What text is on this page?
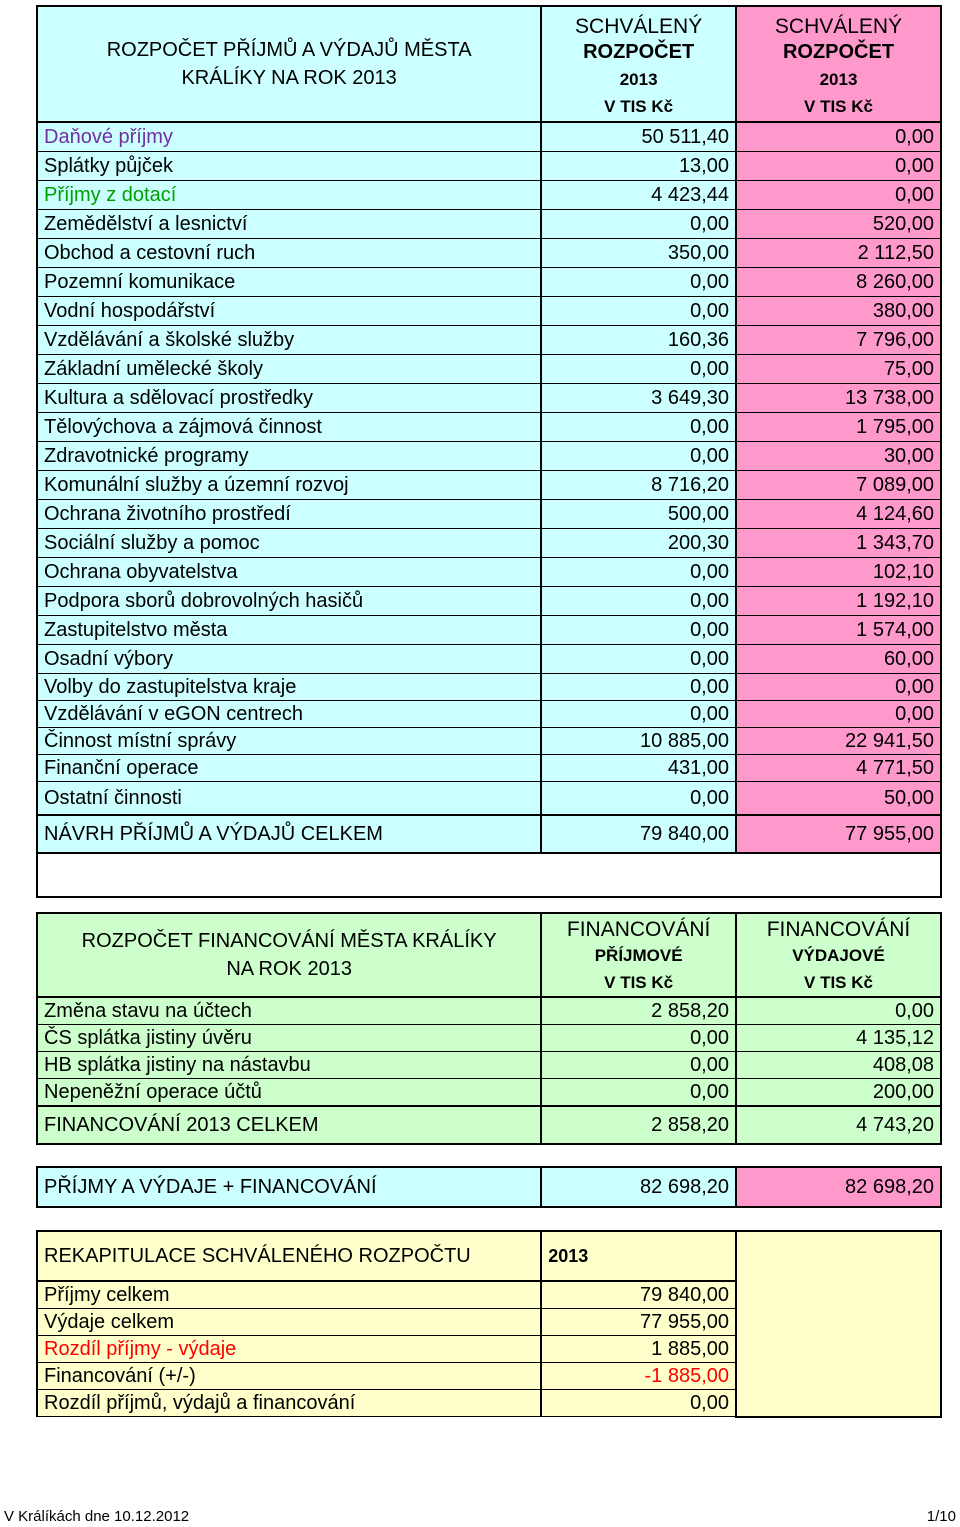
ROZPOČET PŘÍJMŮ A VÝDAJŮ MĚSTA
KRÁLÍKY NA ROK 2013	SCHVÁLENÝ
ROZPOČET
2013
V TIS Kč	SCHVÁLENÝ
ROZPOČET
2013
V TIS Kč

Daňové příjmy	50 511,40	0,00
Splátky půjček	13,00	0,00
Příjmy z dotací	4 423,44	0,00
Zemědělství a lesnictví	0,00	520,00
Obchod a cestovní ruch	350,00	2 112,50
Pozemní komunikace	0,00	8 260,00
Vodní hospodářství	0,00	380,00
Vzdělávání a školské služby	160,36	7 796,00
Základní umělecké školy	0,00	75,00
Kultura a sdělovací prostředky	3 649,30	13 738,00
Tělovýchova a zájmová činnost	0,00	1 795,00
Zdravotnické programy	0,00	30,00
Komunální služby a územní rozvoj	8 716,20	7 089,00
Ochrana životního prostředí	500,00	4 124,60
Sociální služby a pomoc	200,30	1 343,70
Ochrana obyvatelstva	0,00	102,10
Podpora sborů dobrovolných hasičů	0,00	1 192,10
Zastupitelstvo města	0,00	1 574,00
Osadní výbory	0,00	60,00
Volby do zastupitelstva kraje	0,00	0,00
Vzdělávání v eGON centrech	0,00	0,00
Činnost místní správy	10 885,00	22 941,50
Finanční operace	431,00	4 771,50
Ostatní činnosti	0,00	50,00
NÁVRH PŘÍJMŮ A VÝDAJŮ CELKEM	79 840,00	77 955,00

ROZPOČET FINANCOVÁNÍ MĚSTA KRÁLÍKY
NA ROK 2013	FINANCOVÁNÍ
PŘÍJMOVÉ
V TIS Kč	FINANCOVÁNÍ
VÝDAJOVÉ
V TIS Kč

Změna stavu na účtech	2 858,20	0,00
ČS splátka jistiny úvěru	0,00	4 135,12
HB splátka jistiny na nástavbu	0,00	408,08
Nepeněžní operace účtů	0,00	200,00
FINANCOVÁNÍ 2013 CELKEM	2 858,20	4 743,20
PŘÍJMY A VÝDAJE + FINANCOVÁNÍ	82 698,20	82 698,20
REKAPITULACE SCHVÁLENÉHO ROZPOČTU	2013	
Příjmy celkem	79 840,00	
Výdaje celkem	77 955,00	
Rozdíl příjmy - výdaje	1 885,00	
Financování (+/-)	-1 885,00	
Rozdíl příjmů, výdajů a financování	0,00	
V Králíkách dne 10.12.2012	1/10
